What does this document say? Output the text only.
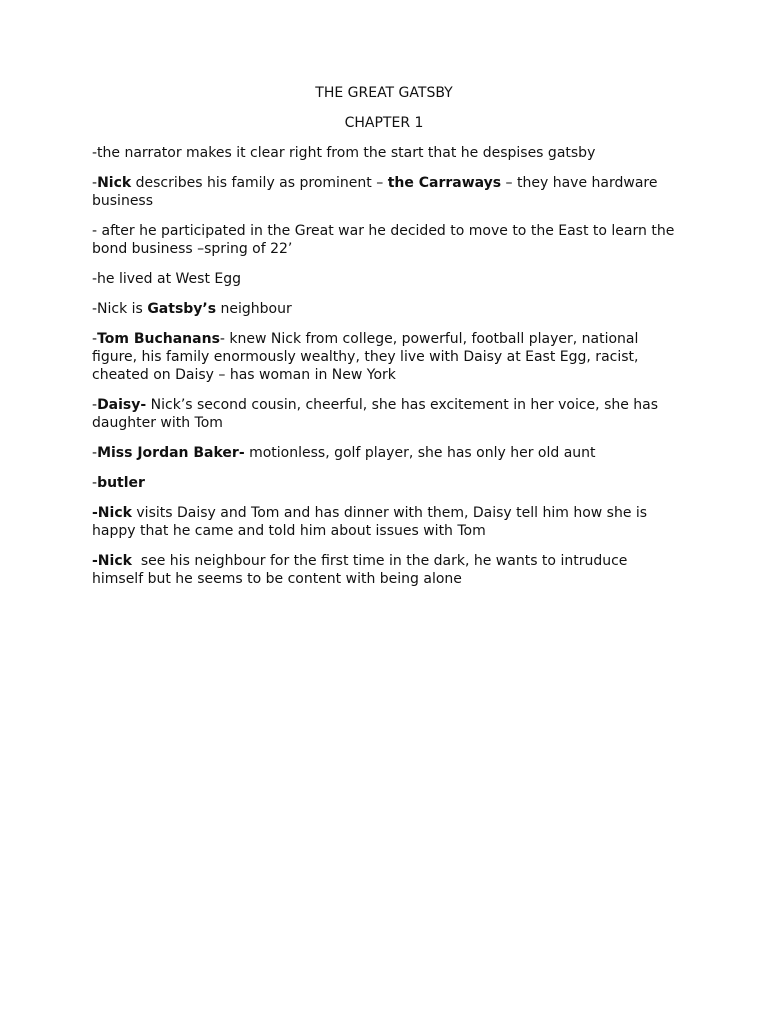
THE GREAT GATSBY

CHAPTER 1

-the narrator makes it clear right from the start that he despises gatsby

-Nick describes his family as prominent – the Carraways – they have hardware business

- after he participated in the Great war he decided to move to the East to learn the bond business –spring of 22’

-he lived at West Egg

-Nick is Gatsby’s neighbour

-Tom Buchanans- knew Nick from college, powerful, football player, national figure, his family enormously wealthy, they live with Daisy at East Egg, racist, cheated on Daisy – has woman in New York

-Daisy- Nick’s second cousin, cheerful, she has excitement in her voice, she has daughter with Tom

-Miss Jordan Baker- motionless, golf player, she has only her old aunt

-butler

-Nick visits Daisy and Tom and has dinner with them, Daisy tell him how she is happy that he came and told him about issues with Tom

-Nick  see his neighbour for the first time in the dark, he wants to intruduce himself but he seems to be content with being alone
